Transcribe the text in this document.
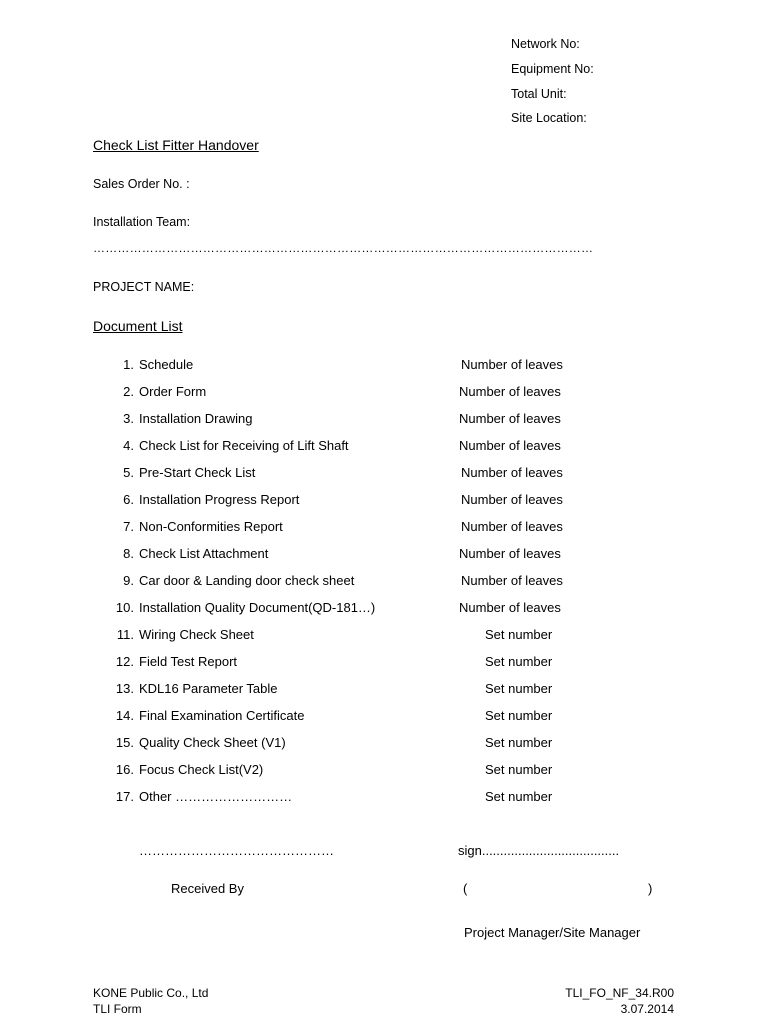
Network No:
Equipment No:
Total Unit:
Site Location:
Check List Fitter Handover
Sales Order No. :
Installation Team:
……………………………………………………………………………………………………………
PROJECT NAME:
Document List
1. Schedule	Number of leaves
2. Order Form	Number of leaves
3. Installation Drawing	Number of leaves
4. Check List for Receiving of Lift Shaft	Number of leaves
5. Pre-Start Check List	Number of leaves
6. Installation Progress Report	Number of leaves
7. Non-Conformities Report	Number of leaves
8. Check List Attachment	Number of leaves
9. Car door & Landing door check sheet	Number of leaves
10. Installation Quality Document(QD-181…)	Number of leaves
11. Wiring Check Sheet	Set number
12. Field Test Report	Set number
13. KDL16 Parameter Table	Set number
14. Final Examination Certificate	Set number
15. Quality Check Sheet (V1)	Set number
16. Focus Check List(V2)	Set number
17. Other ………………………	Set number
………………………………………	sign......................................
Received By	(	)
Project Manager/Site Manager
KONE Public Co., Ltd
TLI Form
TLI_FO_NF_34.R00
3.07.2014
